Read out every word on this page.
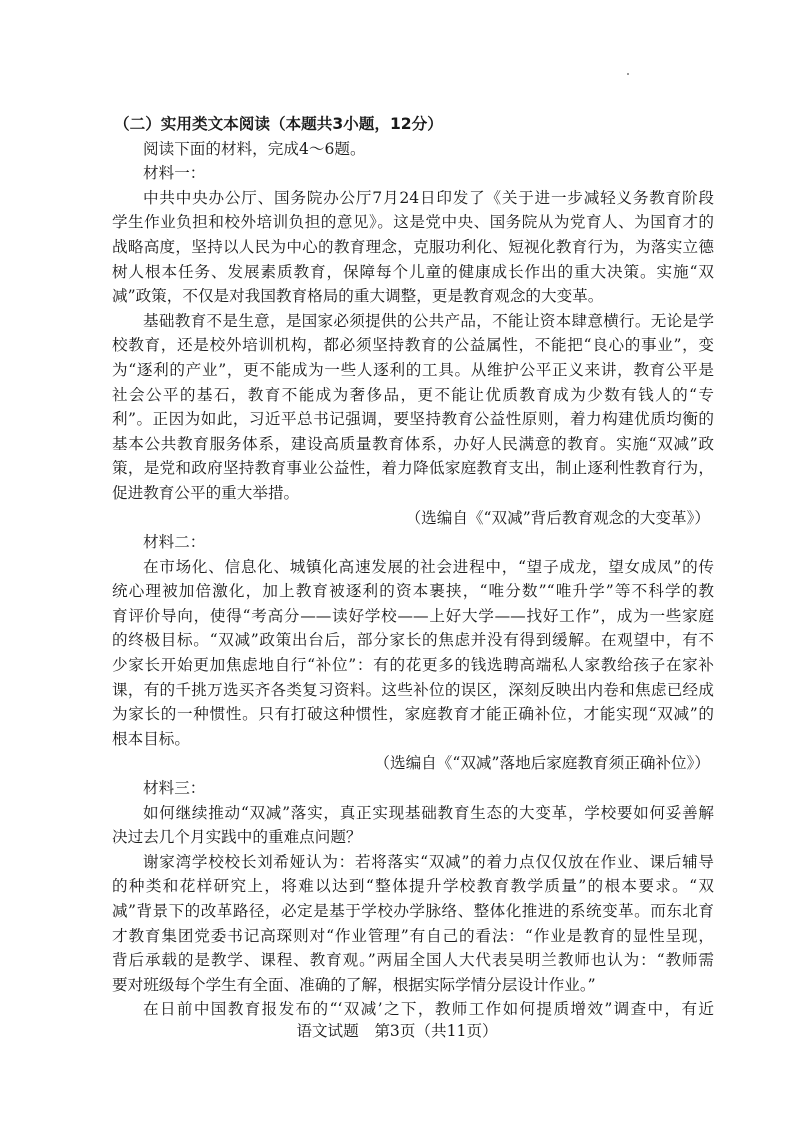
（二）实用类文本阅读（本题共3小题，12分）
阅读下面的材料，完成4～6题。
材料一：
中共中央办公厅、国务院办公厅7月24日印发了《关于进一步减轻义务教育阶段
学生作业负担和校外培训负担的意见》。这是党中央、国务院从为党育人、为国育才的
战略高度，坚持以人民为中心的教育理念，克服功利化、短视化教育行为，为落实立德
树人根本任务、发展素质教育，保障每个儿童的健康成长作出的重大决策。实施“双
减”政策，不仅是对我国教育格局的重大调整，更是教育观念的大变革。
基础教育不是生意，是国家必须提供的公共产品，不能让资本肆意横行。无论是学
校教育，还是校外培训机构，都必须坚持教育的公益属性，不能把“良心的事业”，变
为“逐利的产业”，更不能成为一些人逐利的工具。从维护公平正义来讲，教育公平是
社会公平的基石，教育不能成为奢侈品，更不能让优质教育成为少数有钱人的“专
利”。正因为如此，习近平总书记强调，要坚持教育公益性原则，着力构建优质均衡的
基本公共教育服务体系，建设高质量教育体系，办好人民满意的教育。实施“双减”政
策，是党和政府坚持教育事业公益性，着力降低家庭教育支出，制止逐利性教育行为，
促进教育公平的重大举措。
（选编自《“双减”背后教育观念的大变革》）
材料二：
在市场化、信息化、城镇化高速发展的社会进程中，“望子成龙，望女成凤”的传
统心理被加倍激化，加上教育被逐利的资本裹挟，“唯分数”“唯升学”等不科学的教
育评价导向，使得“考高分——读好学校——上好大学——找好工作”，成为一些家庭
的终极目标。“双减”政策出台后，部分家长的焦虑并没有得到缓解。在观望中，有不
少家长开始更加焦虑地自行“补位”：有的花更多的钱选聘高端私人家教给孩子在家补
课，有的千挑万选买齐各类复习资料。这些补位的误区，深刻反映出内卷和焦虑已经成
为家长的一种惯性。只有打破这种惯性，家庭教育才能正确补位，才能实现“双减”的
根本目标。
（选编自《“双减”落地后家庭教育须正确补位》）
材料三：
如何继续推动“双减”落实，真正实现基础教育生态的大变革，学校要如何妥善解
决过去几个月实践中的重难点问题？
谢家湾学校校长刘希娅认为：若将落实“双减”的着力点仅仅放在作业、课后辅导
的种类和花样研究上，将难以达到“整体提升学校教育教学质量”的根本要求。“双
减”背景下的改革路径，必定是基于学校办学脉络、整体化推进的系统变革。而东北育
才教育集团党委书记高琛则对“作业管理”有自己的看法：“作业是教育的显性呈现，
背后承载的是教学、课程、教育观。”两届全国人大代表吴明兰教师也认为：“教师需
要对班级每个学生有全面、准确的了解，根据实际学情分层设计作业。”
在日前中国教育报发布的“‘双减’之下，教师工作如何提质增效”调查中，有近
语文试题　第3页（共11页）
